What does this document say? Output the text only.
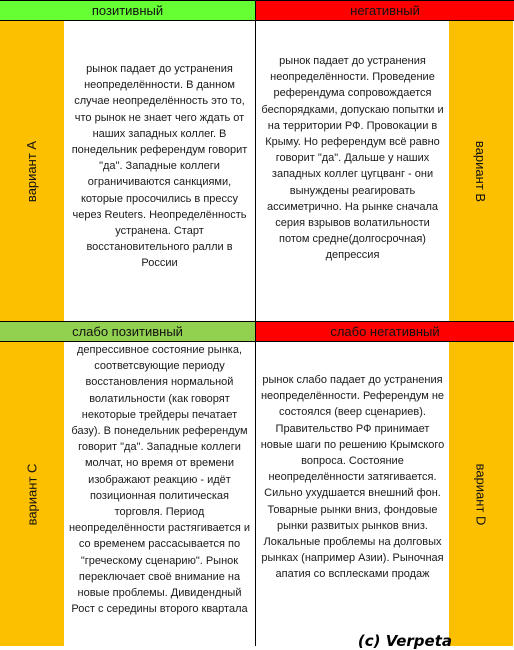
позитивный	негативный
вариант A
рынок падает до устранения неопределённости. В данном случае неопределённость это то, что рынок не знает чего ждать от наших западных коллег. В понедельник референдум говорит "да". Западные коллеги ограничиваются санкциями, которые просочились в прессу через Reuters. Неопределённость устранена. Старт восстановительного ралли в России
рынок падает до устранения неопределённости. Проведение референдума сопровождается беспорядками, допускаю попытки и на территории РФ. Провокации в Крыму. Но референдум всё равно говорит "да". Дальше у наших западных коллег цугцванг - они вынуждены реагировать ассиметрично. На рынке сначала серия взрывов волатильности потом средне(долгосрочная) депрессия
вариант B
слабо позитивный	слабо негативный
вариант C
депрессивное состояние рынка, соответсвующие периоду восстановления нормальной волатильности (как говорят некоторые трейдеры печатает базу). В понедельник референдум говорит "да". Западные коллеги молчат, но время от времени изображают реакцию - идёт позиционная политическая торговля. Период неопределённости растягивается и со временем рассасывается по "греческому сценарию". Рынок переключает своё внимание на новые проблемы. Дивидендный Рост с середины второго квартала
рынок слабо падает до устранения неопределённости. Референдум не состоялся (веер сценариев). Правительство РФ принимает новые шаги по решению Крымского вопроса. Состояние неопределённости затягивается. Сильно ухудшается внешний фон. Товарные рынки вниз, фондовые рынки развитых рынков вниз. Локальные проблемы на долговых рынках (например Азии). Рыночная апатия со всплесками продаж
вариант D
(c) Verpeta
